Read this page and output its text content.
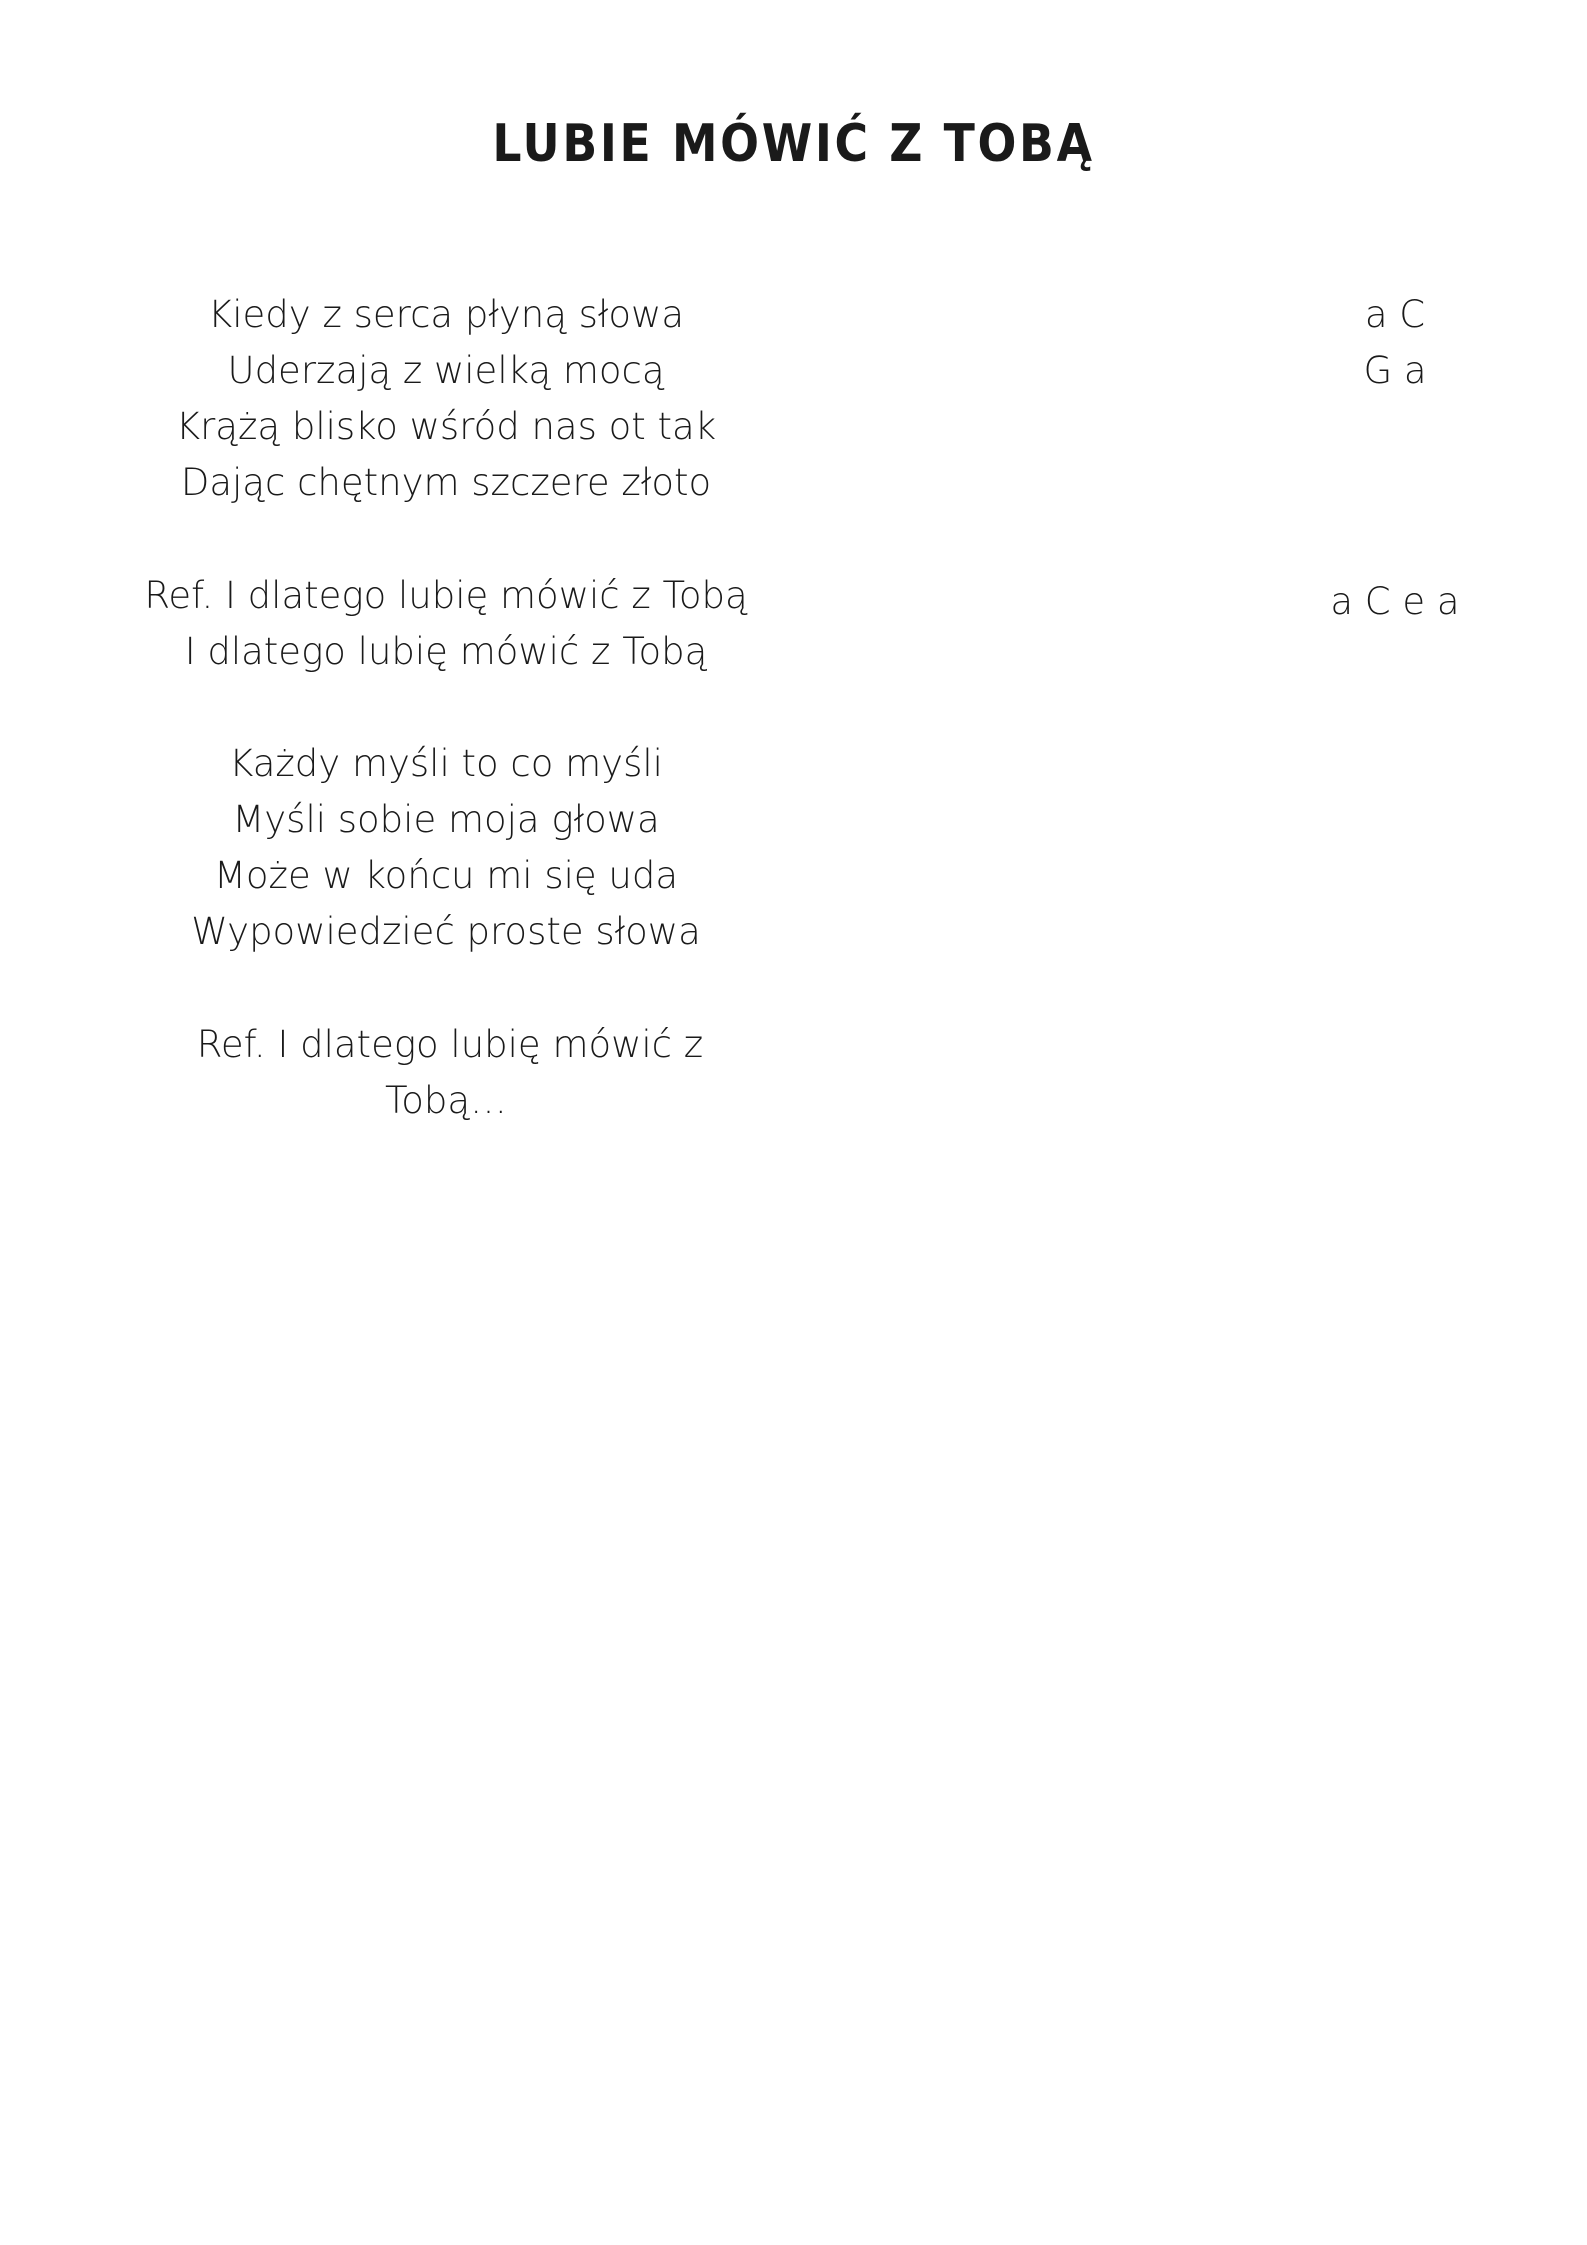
LUBIE MÓWIĆ Z TOBĄ
Kiedy z serca płyną słowa
Uderzają z wielką mocą
Krążą blisko wśród nas ot tak
Dając chętnym szczere złoto
a C
G a
Ref. I dlatego lubię mówić z Tobą
I dlatego lubię mówić z Tobą
a C e a
Każdy myśli to co myśli
Myśli sobie moja głowa
Może w końcu mi się uda
Wypowiedzieć proste słowa
Ref. I dlatego lubię mówić z
Tobą…
